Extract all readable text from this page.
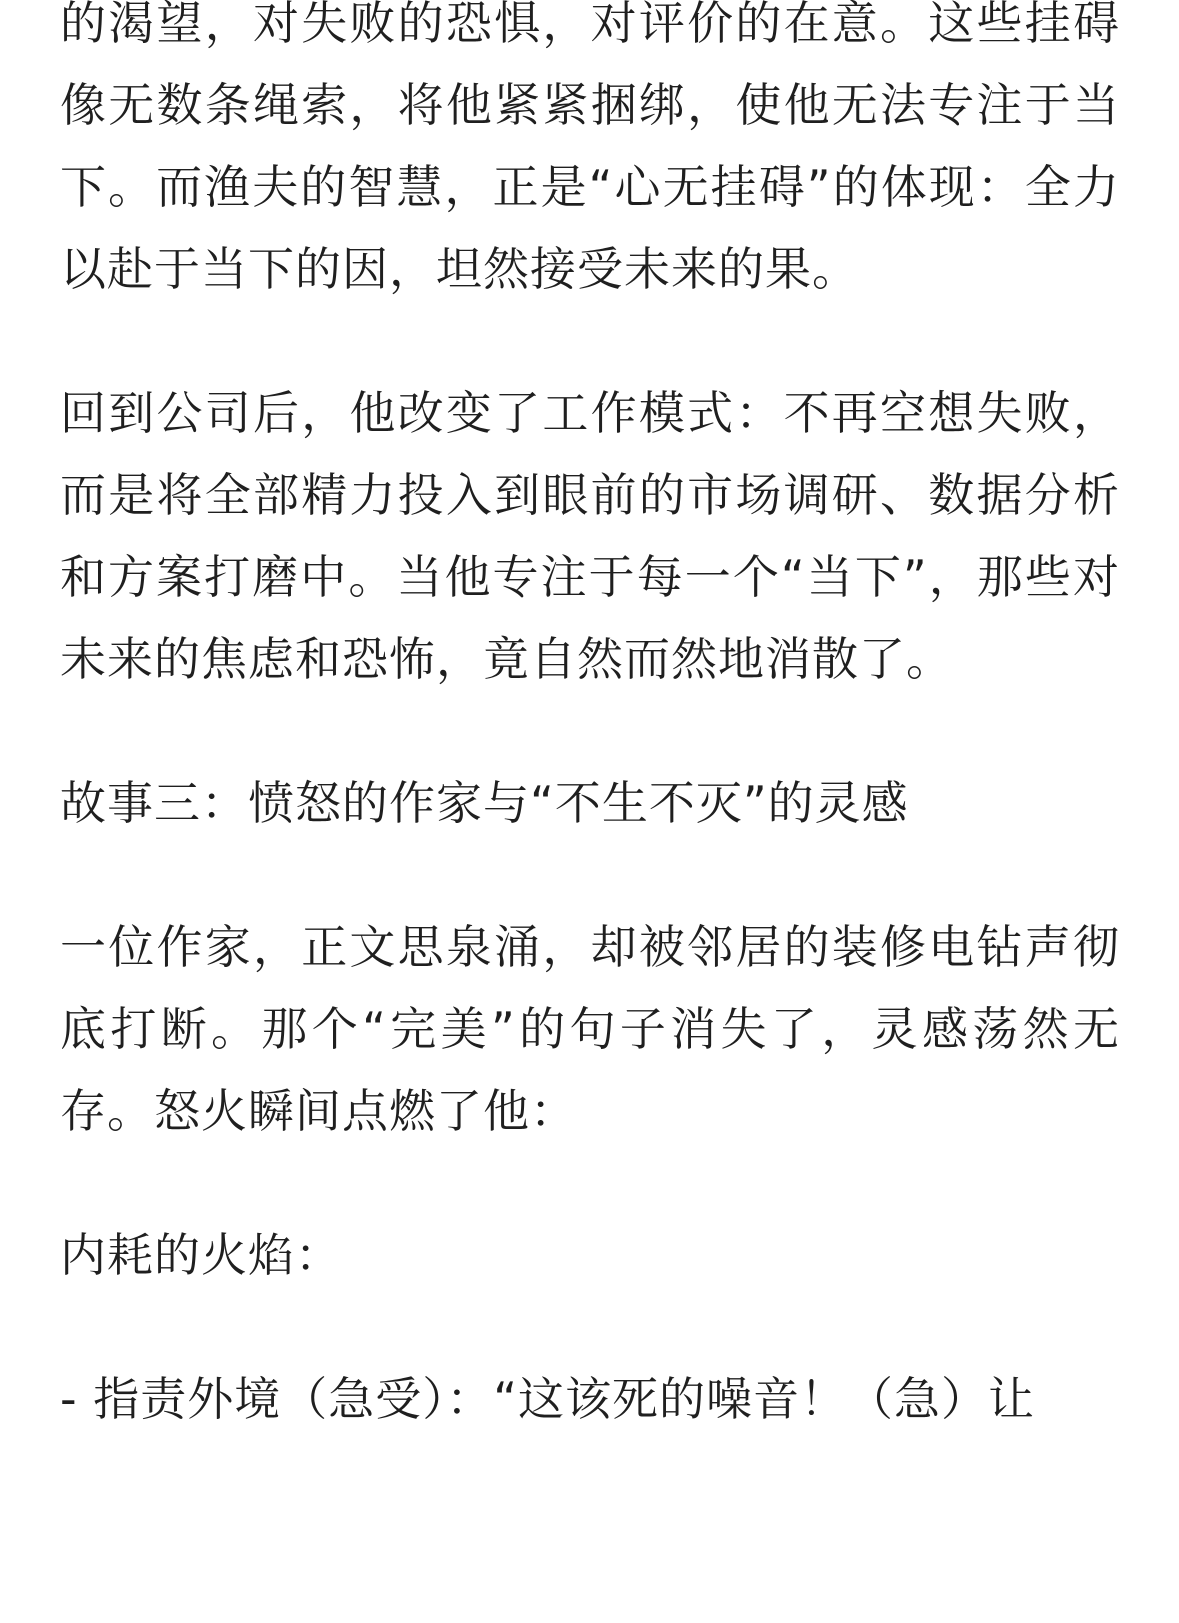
的渴望，对失败的恐惧，对评价的在意。这些挂碍像无数条绳索，将他紧紧捆绑，使他无法专注于当下。而渔夫的智慧，正是“心无挂碍”的体现：全力以赴于当下的因，坦然接受未来的果。

回到公司后，他改变了工作模式：不再空想失败，而是将全部精力投入到眼前的市场调研、数据分析和方案打磨中。当他专注于每一个“当下”，那些对未来的焦虑和恐怖，竟自然而然地消散了。

故事三：愤怒的作家与“不生不灭”的灵感

一位作家，正文思泉涌，却被邻居的装修电钻声彻底打断。那个“完美”的句子消失了，灵感荡然无存。怒火瞬间点燃了他：

内耗的火焰：

- 指责外境（急受）：“这该死的噪音！（急）让
